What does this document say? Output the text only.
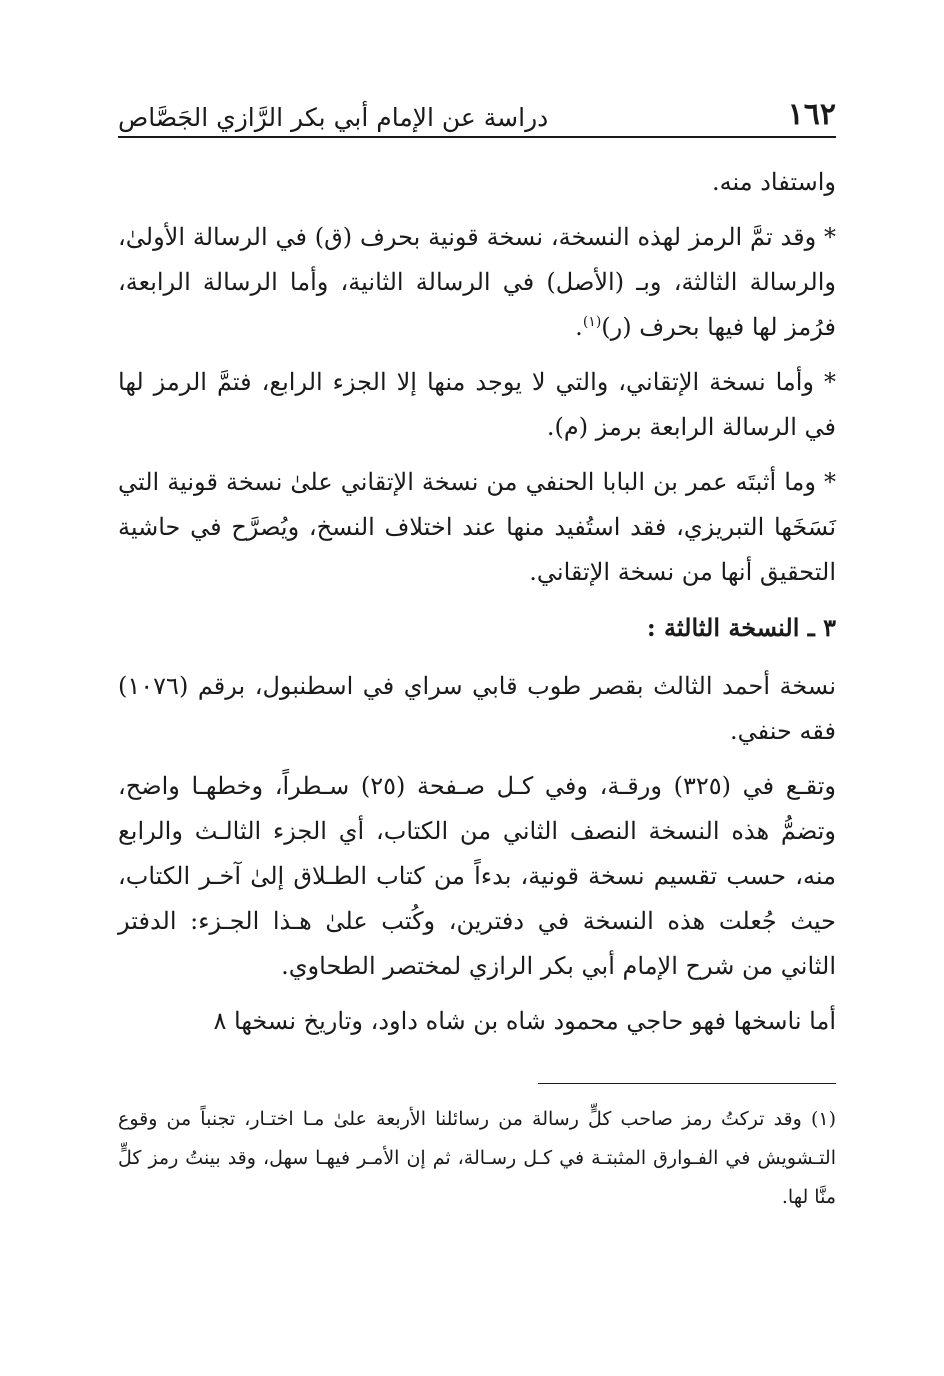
١٦٢
دراسة عن الإمام أبي بكر الرَّازي الجَصَّاص

واستفاد منه.

* وقد تمَّ الرمز لهذه النسخة، نسخة قونية بحرف (ق) في الرسالة الأولىٰ، والرسالة الثالثة، وبـ (الأصل) في الرسالة الثانية، وأما الرسالة الرابعة، فرُمز لها فيها بحرف (ر)$^{(١)}$.

* وأما نسخة الإتقاني، والتي لا يوجد منها إلا الجزء الرابع، فتمَّ الرمز لها في الرسالة الرابعة برمز (م).

* وما أثبتَه عمر بن البابا الحنفي من نسخة الإتقاني علىٰ نسخة قونية التي نَسَخَها التبريزي، فقد استُفيد منها عند اختلاف النسخ، ويُصرَّح في حاشية التحقيق أنها من نسخة الإتقاني.

٣ ـ النسخة الثالثة :

نسخة أحمد الثالث بقصر طوب قابي سراي في اسطنبول، برقم (١٠٧٦) فقه حنفي.

وتقـع في (٣٢٥) ورقـة، وفي كـل صـفحة (٢٥) سـطراً، وخطهـا واضح، وتضمُّ هذه النسخة النصف الثاني من الكتاب، أي الجزء الثالـث والرابع منه، حسب تقسيم نسخة قونية، بدءاً من كتاب الطـلاق إلىٰ آخـر الكتاب، حيث جُعلت هذه النسخة في دفترين، وكُتب علىٰ هـذا الجـزء: الدفتر الثاني من شرح الإمام أبي بكر الرازي لمختصر الطحاوي.

أما ناسخها فهو حاجي محمود شاه بن شاه داود، وتاريخ نسخها ٨

(١) وقد تركتُ رمز صاحب كلٍّ رسالة من رسائلنا الأربعة علىٰ مـا اختـار، تجنباً من وقوع التـشويش في الفـوارق المثبتـة في كـل رسـالة، ثم إن الأمـر فيهـا سهل، وقد بينتُ رمز كلٍّ منَّا لها.
